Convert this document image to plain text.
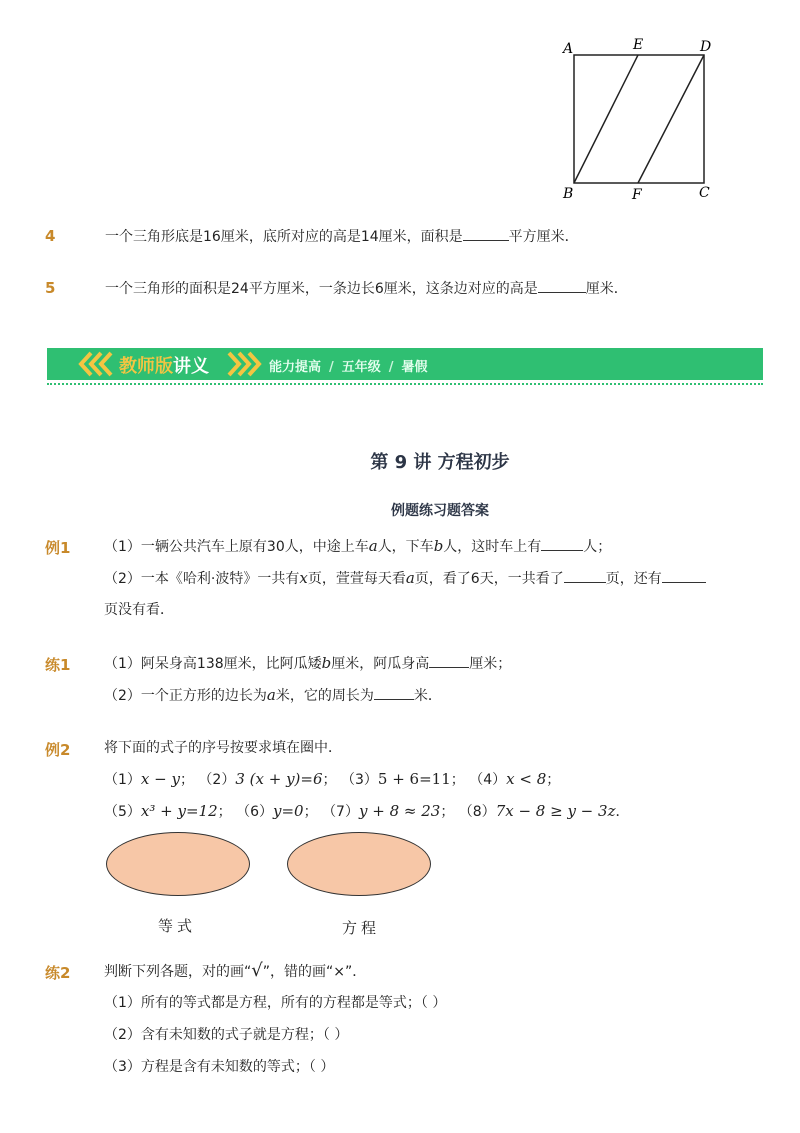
A	E	D
B	F	C
4	一个三角形底是16厘米，底所对应的高是14厘米，面积是	平方厘米．
5	一个三角形的面积是24平方厘米，一条边长6厘米，这条边对应的高是	厘米．
教师版讲义	能力提高 / 五年级 / 暑假
第 9 讲 方程初步
例题练习题答案
例1 （1）一辆公共汽车上原有30人，中途上车a人，下车b人，这时车上有	人；
（2）一本《哈利·波特》一共有x页，萱萱每天看a页，看了6天，一共看了	页，还有
页没有看．
练1 （1）阿呆身高138厘米，比阿瓜矮b厘米，阿瓜身高	厘米；
（2）一个正方形的边长为a米，它的周长为	米．
例2 将下面的式子的序号按要求填在圈中．
（1）x − y； （2）3 (x + y)=6； （3）5 + 6=11； （4）x < 8；
（5）x³ + y=12； （6）y=0； （7）y + 8 ≈ 23； （8）7x − 8 ≥ y − 3z．
等式	方程
练2 判断下列各题，对的画“√”，错的画“×”．
（1）所有的等式都是方程，所有的方程都是等式；（ ）
（2）含有未知数的式子就是方程；（ ）
（3）方程是含有未知数的等式；（ ）
